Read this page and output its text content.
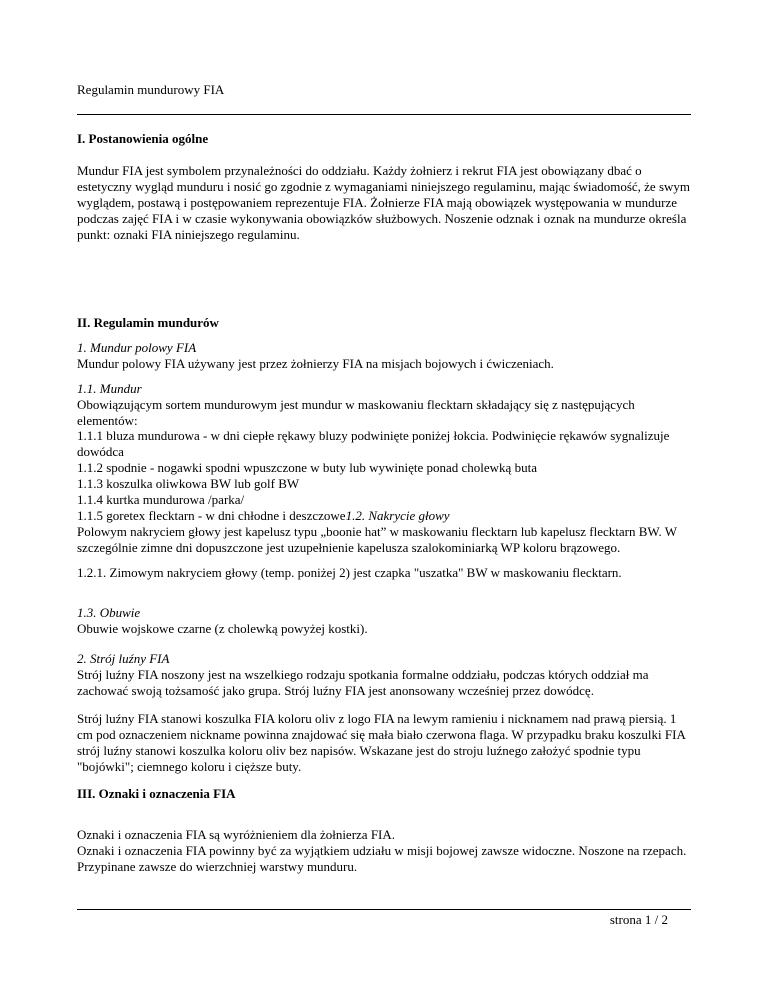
Regulamin mundurowy FIA
I. Postanowienia ogólne

Mundur FIA jest symbolem przynależności do oddziału. Każdy żołnierz i rekrut FIA jest obowiązany dbać o estetyczny wygląd munduru i nosić go zgodnie z wymaganiami niniejszego regulaminu, mając świadomość, że swym wyglądem, postawą i postępowaniem reprezentuje FIA. Żołnierze FIA mają obowiązek występowania w mundurze podczas zajęć FIA i w czasie wykonywania obowiązków służbowych. Noszenie odznak i oznak na mundurze określa punkt: oznaki FIA niniejszego regulaminu.

II. Regulamin mundurów

1. Mundur polowy FIA

Mundur polowy FIA używany jest przez żołnierzy FIA na misjach bojowych i ćwiczeniach.

1.1. Mundur

Obowiązującym sortem mundurowym jest mundur w maskowaniu flecktarn składający się z następujących elementów:

1.1.1 bluza mundurowa - w dni ciepłe rękawy bluzy podwinięte poniżej łokcia. Podwinięcie rękawów sygnalizuje dowódca

1.1.2 spodnie - nogawki spodni wpuszczone w buty lub wywinięte ponad cholewką buta

1.1.3 koszulka oliwkowa BW lub golf BW

1.1.4 kurtka mundurowa /parka/

1.1.5 goretex flecktarn - w dni chłodne i deszczowe1.2. Nakrycie głowy

Polowym nakryciem głowy jest kapelusz typu „boonie hat” w maskowaniu flecktarn lub kapelusz flecktarn BW. W szczególnie zimne dni dopuszczone jest uzupełnienie kapelusza szalokominiarką WP koloru brązowego.

1.2.1. Zimowym nakryciem głowy (temp. poniżej 2) jest czapka "uszatka" BW w maskowaniu flecktarn.

1.3. Obuwie

Obuwie wojskowe czarne (z cholewką powyżej kostki).

2. Strój luźny FIA

Strój luźny FIA noszony jest na wszelkiego rodzaju spotkania formalne oddziału, podczas których oddział ma zachować swoją tożsamość jako grupa. Strój luźny FIA jest anonsowany wcześniej przez dowódcę.

Strój luźny FIA stanowi koszulka FIA koloru oliv z logo FIA na lewym ramieniu i nicknamem nad prawą piersią. 1 cm pod oznaczeniem nickname powinna znajdować się mała biało czerwona flaga. W przypadku braku koszulki FIA strój luźny stanowi koszulka koloru oliv bez napisów. Wskazane jest do stroju luźnego założyć spodnie typu "bojówki"; ciemnego koloru i cięższe buty.

III. Oznaki i oznaczenia FIA

Oznaki i oznaczenia FIA są wyróżnieniem dla żołnierza FIA.

Oznaki i oznaczenia FIA powinny być za wyjątkiem udziału w misji bojowej zawsze widoczne. Noszone na rzepach. Przypinane zawsze do wierzchniej warstwy munduru.

strona 1 / 2
